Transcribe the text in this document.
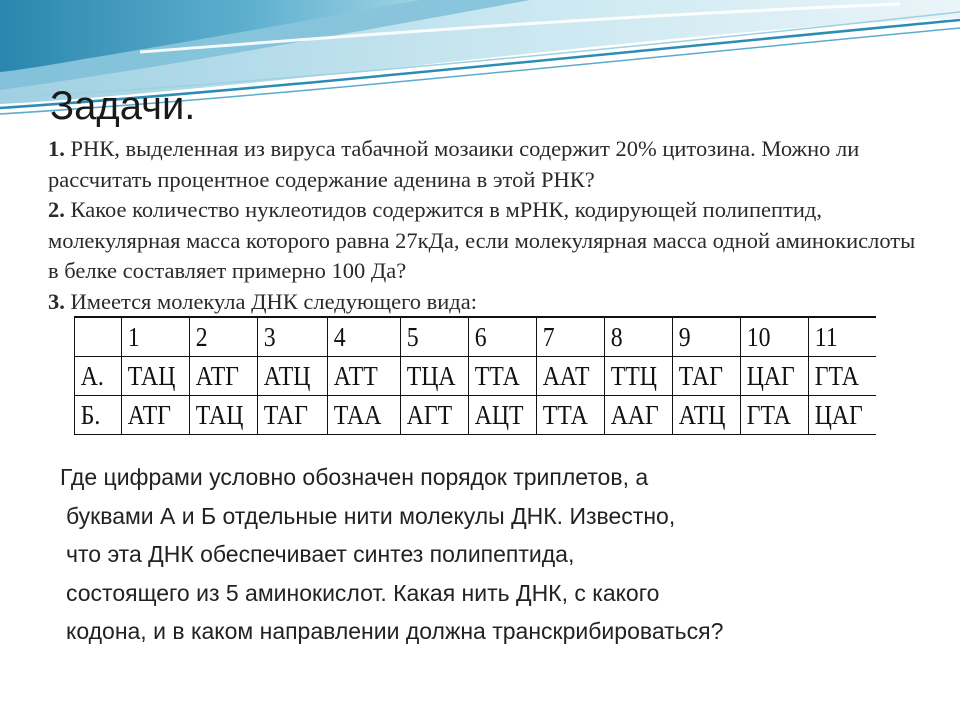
Задачи.

1. РНК, выделенная из вируса табачной мозаики содержит 20% цитозина. Можно ли рассчитать процентное содержание аденина в этой РНК?

2. Какое количество нуклеотидов содержится в мРНК, кодирующей полипептид, молекулярная масса которого равна 27кДа, если молекулярная масса одной аминокислоты в белке составляет примерно 100 Да?

3. Имеется молекула ДНК следующего вида:

	1	2	3	4	5	6	7	8	9	10	11
А.	ТАЦ	АТГ	АТЦ	АТТ	ТЦА	ТТА	ААТ	ТТЦ	ТАГ	ЦАГ	ГТА
Б.	АТГ	ТАЦ	ТАГ	ТАА	АГТ	АЦТ	ТТА	ААГ	АТЦ	ГТА	ЦАГ
Где цифрами условно обозначен порядок триплетов, а
буквами А и Б отдельные нити молекулы ДНК. Известно,
что эта ДНК обеспечивает синтез полипептида,
состоящего из 5 аминокислот. Какая нить ДНК, с какого
кодона, и в каком направлении должна транскрибироваться?
